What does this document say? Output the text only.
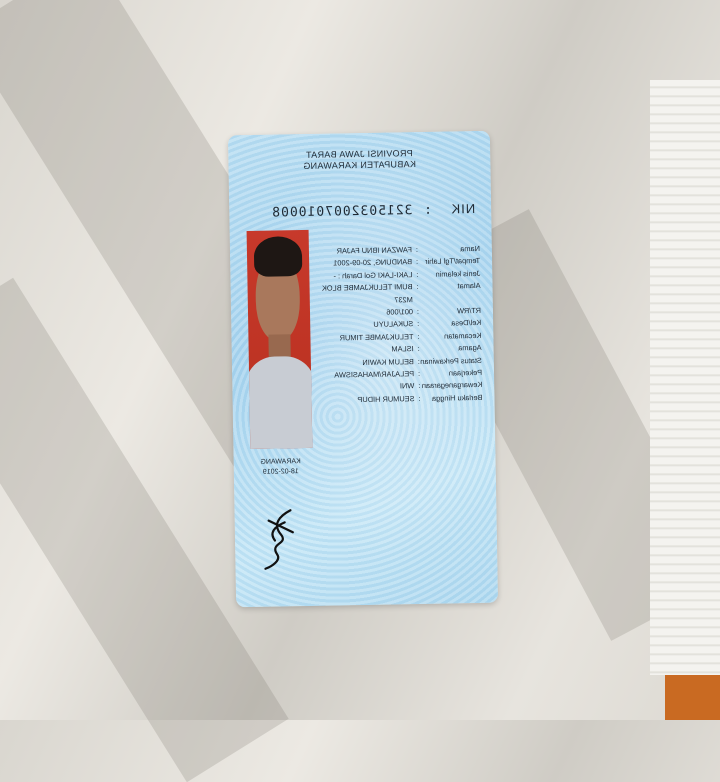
PROVINSI JAWA BARAT
KABUPATEN KARAWANG
NIK : 3215032007010008
Nama
:
FAWZAN IBNU FAJAR
Tempat/Tgl Lahir
:
BANDUNG, 20-09-2001
Jenis kelamin
:
LAKI-LAKI Gol Darah : -
Alamat
:
BUMI TELUKJAMBE BLOK
M237
RT/RW
:
001/006
Kel/Desa
:
SUKALUYU
Kecamatan
:
TELUKJAMBE TIMUR
Agama
:
ISLAM
Status Perkawinan
:
BELUM KAWIN
Pekerjaan
:
PELAJAR/MAHASISWA
Kewarganegaraan
:
WNI
Berlaku Hingga
:
SEUMUR HIDUP
KARAWANG
18-02-2019
